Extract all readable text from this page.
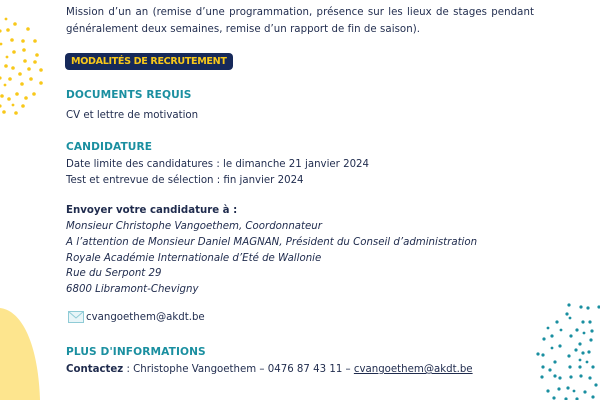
Mission d’un an (remise d’une programmation, présence sur les lieux de stages pendant généralement deux semaines, remise d’un rapport de fin de saison).

MODALITÉS DE RECRUTEMENT
DOCUMENTS REQUIS
CV et lettre de motivation
CANDIDATURE
Date limite des candidatures : le dimanche 21 janvier 2024
Test et entrevue de sélection : fin janvier 2024
Envoyer votre candidature à :
Monsieur Christophe Vangoethem, Coordonnateur
A l’attention de Monsieur Daniel MAGNAN, Président du Conseil d’administration
Royale Académie Internationale d’Eté de Wallonie
Rue du Serpont 29
6800 Libramont-Chevigny
cvangoethem@akdt.be
PLUS D'INFORMATIONS
Contactez : Christophe Vangoethem – 0476 87 43 11 – cvangoethem@akdt.be
